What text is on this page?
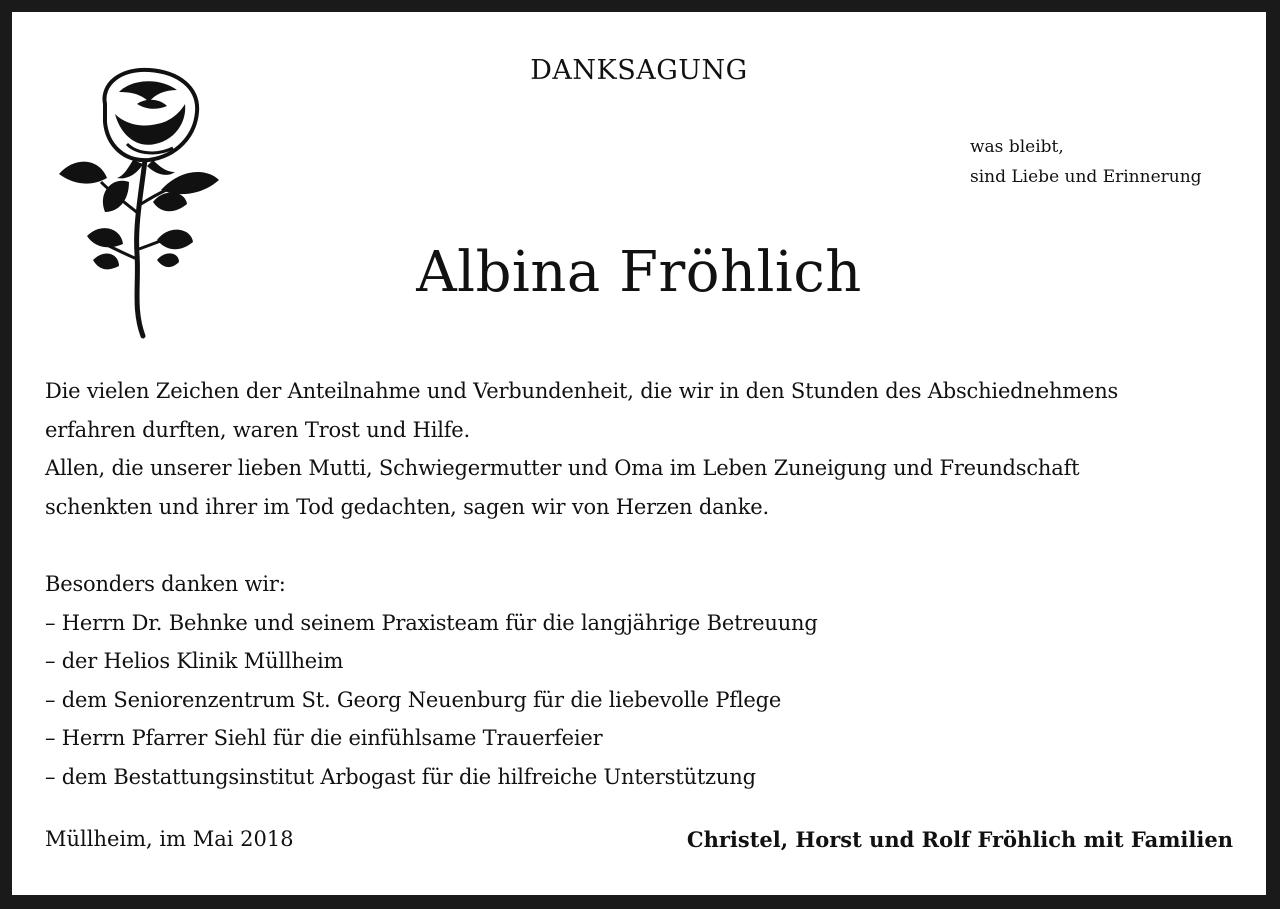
DANKSAGUNG
was bleibt,
sind Liebe und Erinnerung
Albina Fröhlich
Die vielen Zeichen der Anteilnahme und Verbundenheit, die wir in den Stunden des Abschiednehmens
erfahren durften, waren Trost und Hilfe.
Allen, die unserer lieben Mutti, Schwiegermutter und Oma im Leben Zuneigung und Freundschaft
schenkten und ihrer im Tod gedachten, sagen wir von Herzen danke.
Besonders danken wir:
– Herrn Dr. Behnke und seinem Praxisteam für die langjährige Betreuung
– der Helios Klinik Müllheim
– dem Seniorenzentrum St. Georg Neuenburg für die liebevolle Pflege
– Herrn Pfarrer Siehl für die einfühlsame Trauerfeier
– dem Bestattungsinstitut Arbogast für die hilfreiche Unterstützung
Müllheim, im Mai 2018	Christel, Horst und Rolf Fröhlich mit Familien
